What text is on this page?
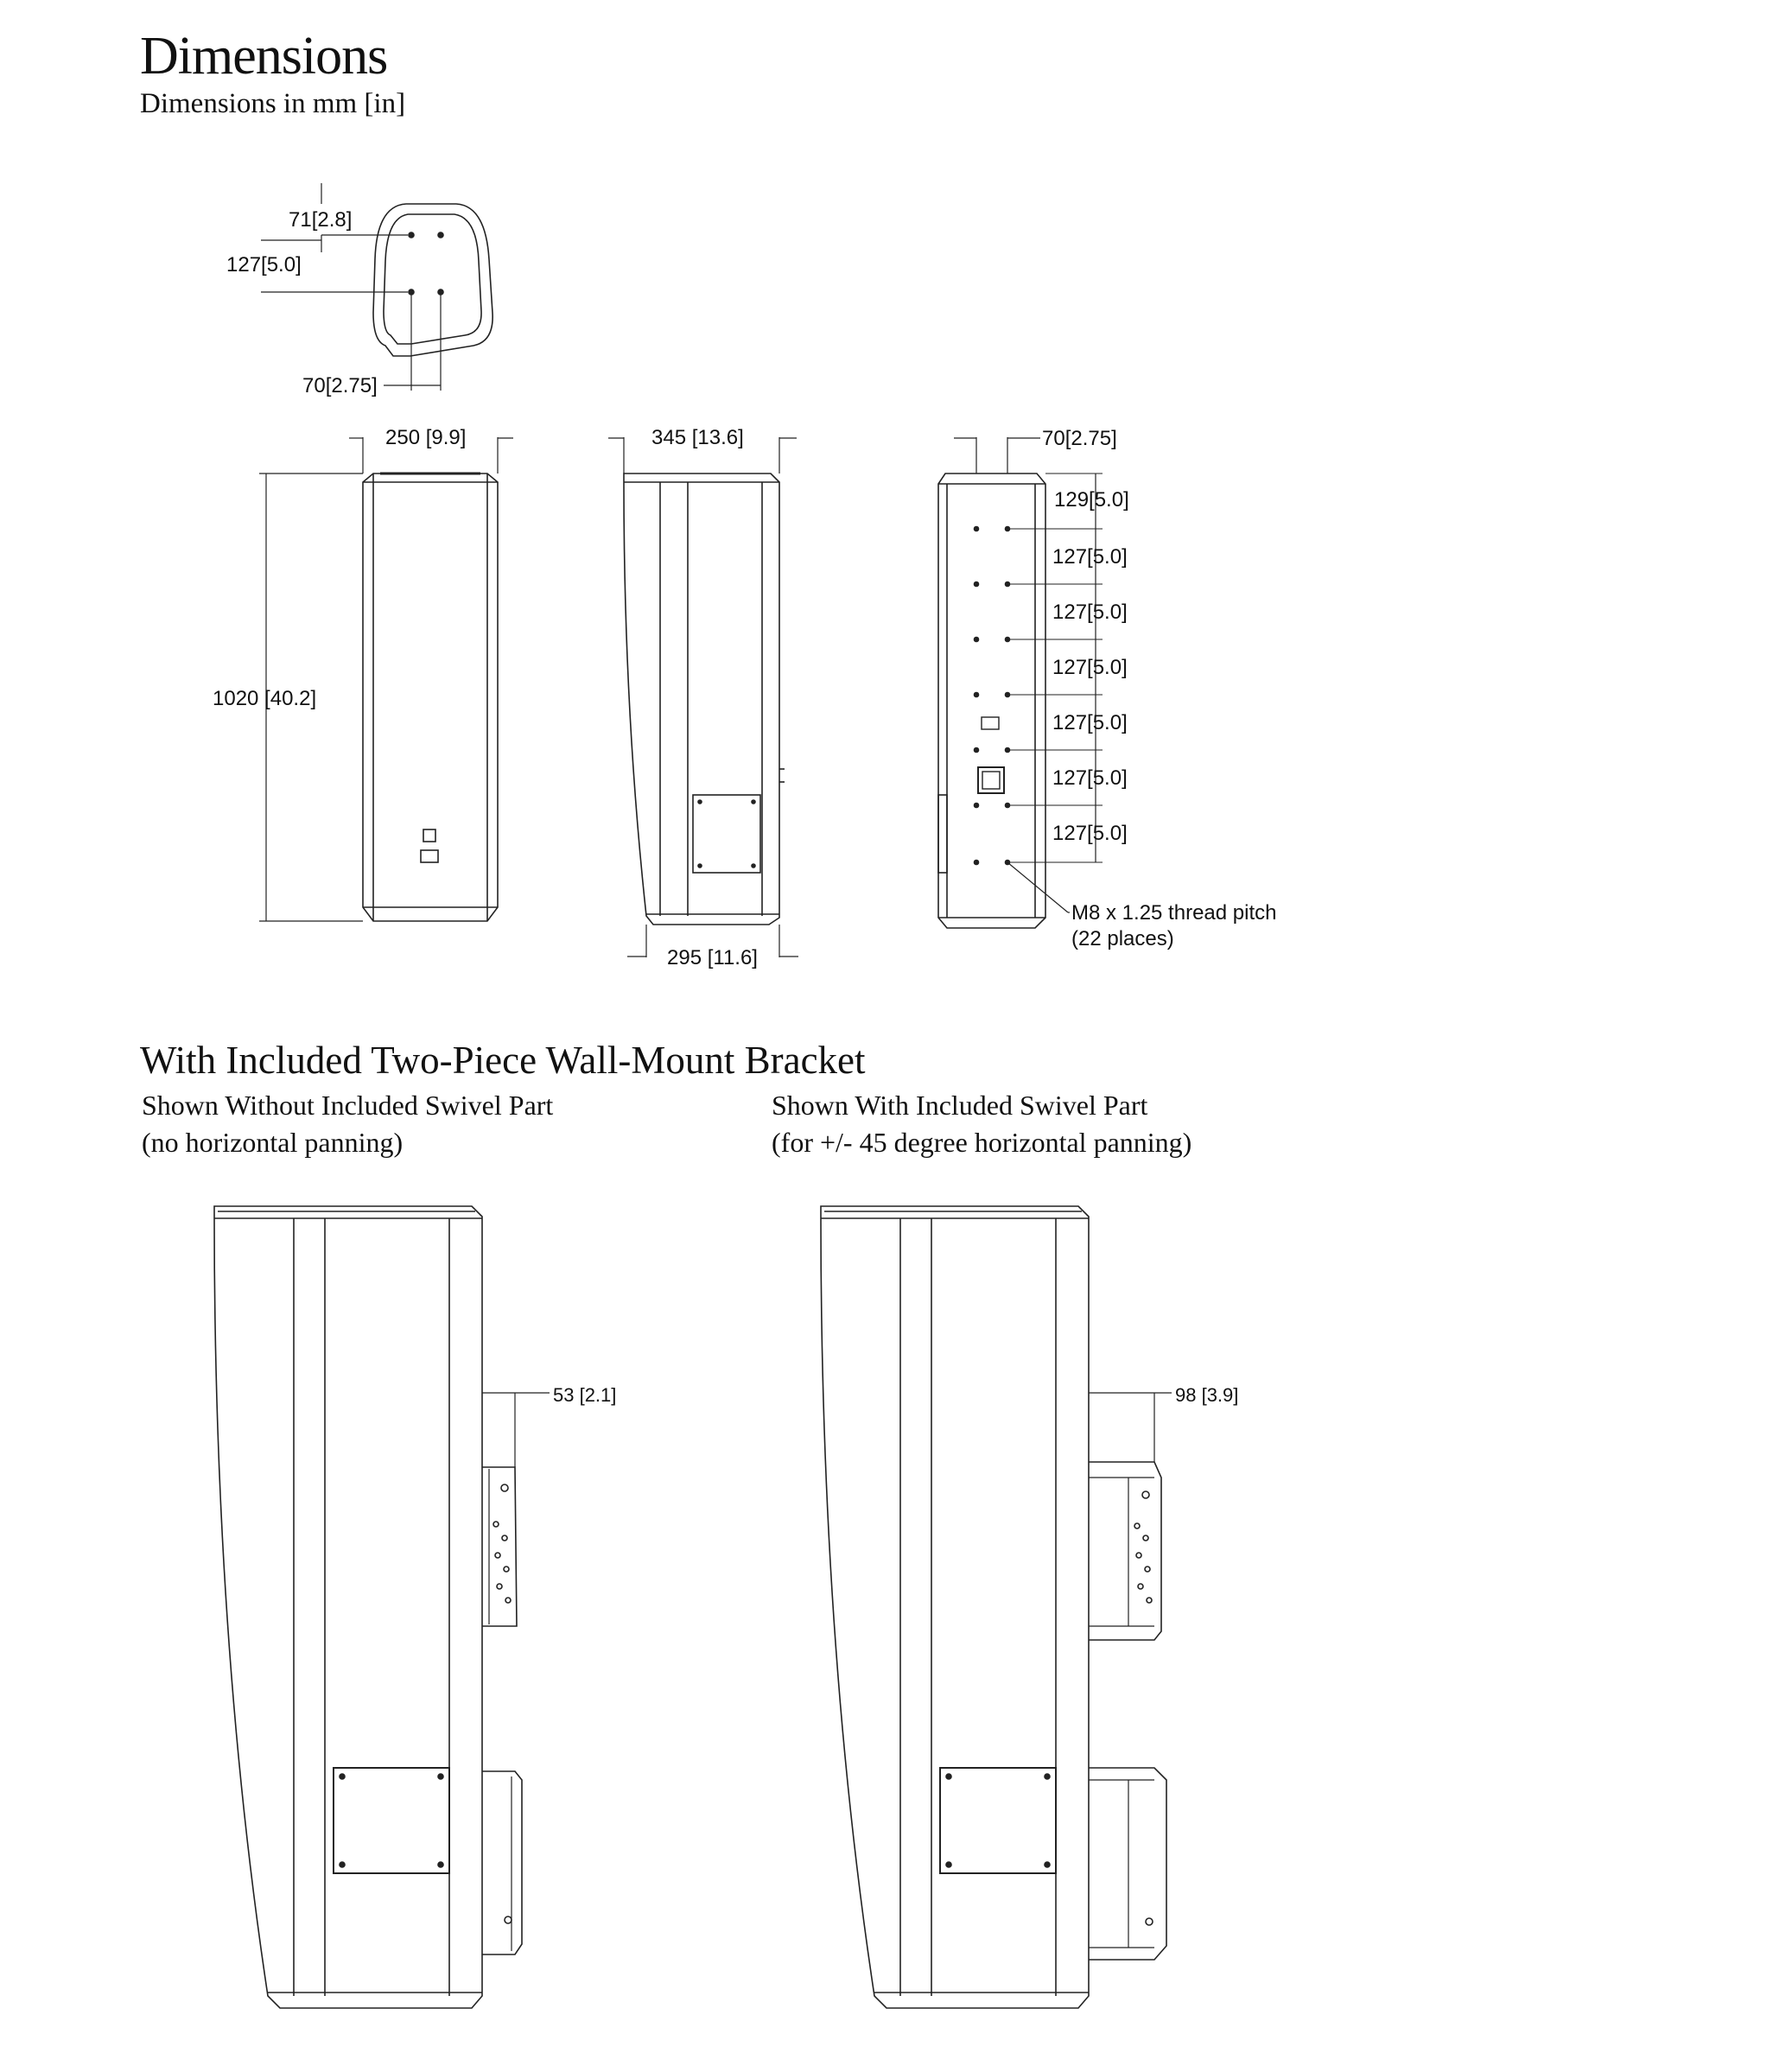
Dimensions
Dimensions in mm [in]
With Included Two-Piece Wall-Mount Bracket
Shown Without Included Swivel Part
(no horizontal panning)
Shown With Included Swivel Part
(for +/- 45 degree horizontal panning)
71[2.8]
127[5.0]
70[2.75]
250 [9.9]
1020 [40.2]
345 [13.6]
295 [11.6]
70[2.75]
129[5.0]
127[5.0]
127[5.0]
127[5.0]
127[5.0]
127[5.0]
127[5.0]
M8 x 1.25 thread pitch
(22 places)
53 [2.1]	98 [3.9]
